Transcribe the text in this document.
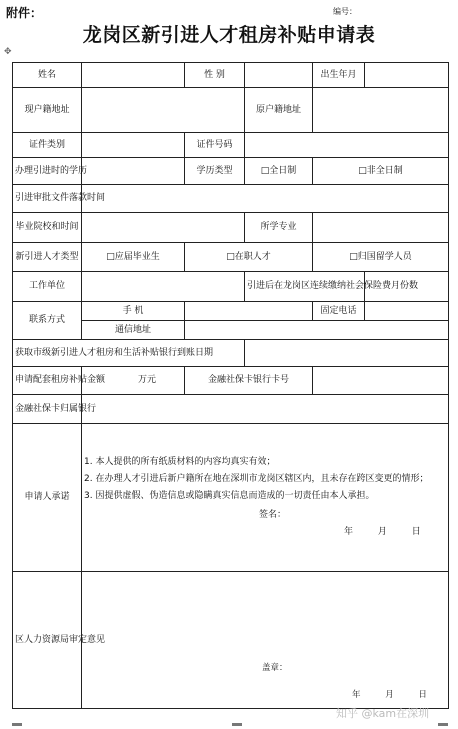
附件：	编号：
龙岗区新引进人才租房补贴申请表
✥
姓名		性 别		出生年月	
现户籍地址			原户籍地址		
证件类别		证件号码			
办理引进时的学历		学历类型	□全日制	□非全日制	
引进审批文件落款时间					
毕业院校和时间			所学专业		
新引进人才类型	□应届毕业生	□在职人才		□归国留学人员	
工作单位			引进后在龙岗区连续缴纳社会保险费月份数		
联系方式	手 机			固定电话	
	通信地址				
获取市级新引进人才租房和生活补贴银行到账日期					
申请配套租房补贴金额	万元	金融社保卡银行卡号			
金融社保卡归属银行					
申请人承诺	1. 本人提供的所有纸质材料的内容均真实有效；

2. 在办理人才引进后新户籍所在地在深圳市龙岗区辖区内，且未存在跨区变更的情形；

3. 因提供虚假、伪造信息或隐瞒真实信息而造成的一切责任由本人承担。

签名：
年 月 日				

区人力资源局审定意见	盖章：
年 月 日				
知乎 @kam在深圳
